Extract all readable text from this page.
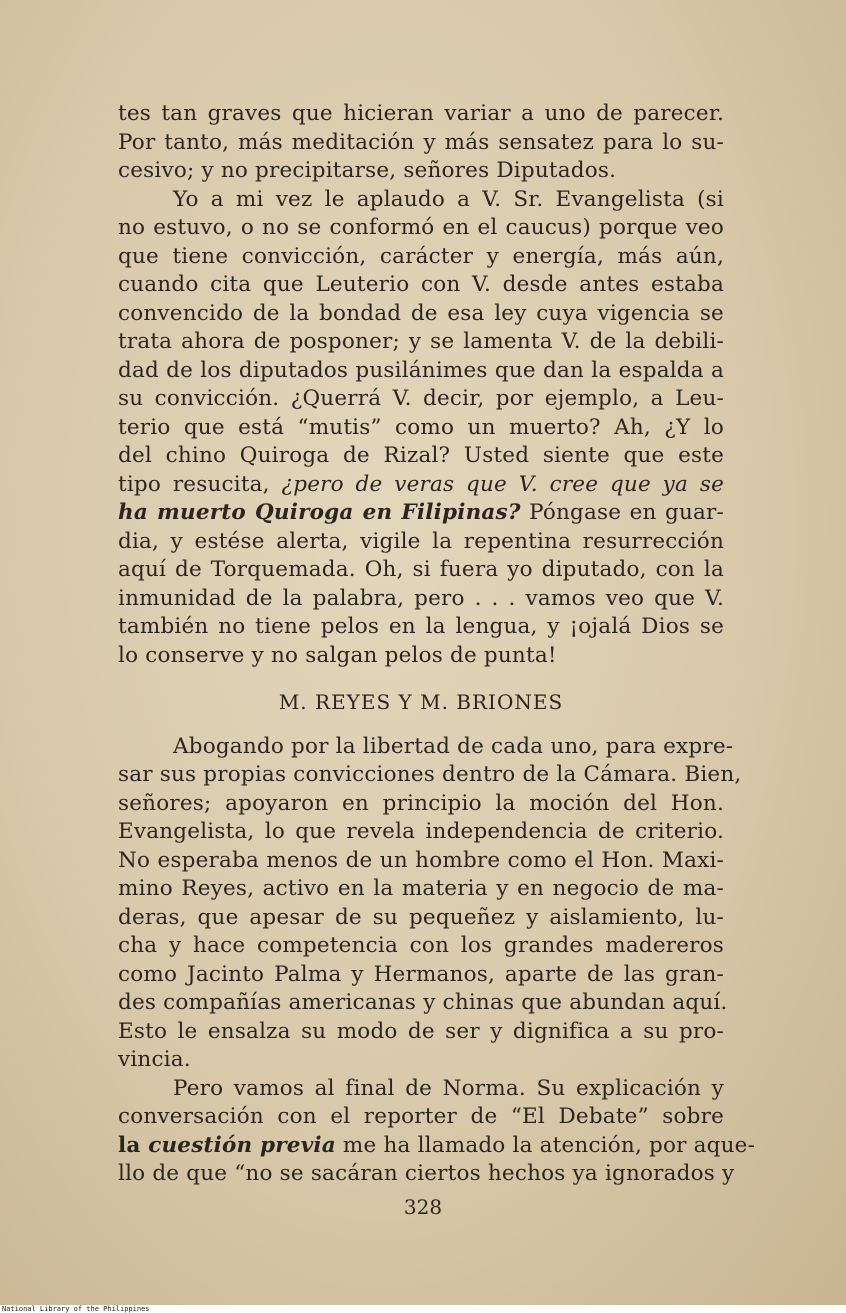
tes tan graves que hicieran variar a uno de parecer.
Por tanto, más meditación y más sensatez para lo su-
cesivo; y no precipitarse, señores Diputados.
Yo a mi vez le aplaudo a V. Sr. Evangelista (si
no estuvo, o no se conformó en el caucus) porque veo
que tiene convicción, carácter y energía, más aún,
cuando cita que Leuterio con V. desde antes estaba
convencido de la bondad de esa ley cuya vigencia se
trata ahora de posponer; y se lamenta V. de la debili-
dad de los diputados pusilánimes que dan la espalda a
su convicción. ¿Querrá V. decir, por ejemplo, a Leu-
terio que está “mutis” como un muerto? Ah, ¿Y lo
del chino Quiroga de Rizal? Usted siente que este
tipo resucita, ¿pero de veras que V. cree que ya se
ha muerto Quiroga en Filipinas? Póngase en guar-
dia, y estése alerta, vigile la repentina resurrección
aquí de Torquemada. Oh, si fuera yo diputado, con la
inmunidad de la palabra, pero . . . vamos veo que V.
también no tiene pelos en la lengua, y ¡ojalá Dios se
lo conserve y no salgan pelos de punta!
M. REYES Y M. BRIONES
Abogando por la libertad de cada uno, para expre-
sar sus propias convicciones dentro de la Cámara. Bien,
señores; apoyaron en principio la moción del Hon.
Evangelista, lo que revela independencia de criterio.
No esperaba menos de un hombre como el Hon. Maxi-
mino Reyes, activo en la materia y en negocio de ma-
deras, que apesar de su pequeñez y aislamiento, lu-
cha y hace competencia con los grandes madereros
como Jacinto Palma y Hermanos, aparte de las gran-
des compañías americanas y chinas que abundan aquí.
Esto le ensalza su modo de ser y dignifica a su pro-
vincia.
Pero vamos al final de Norma. Su explicación y
conversación con el reporter de “El Debate” sobre
la cuestión previa me ha llamado la atención, por aque-
llo de que “no se sacáran ciertos hechos ya ignorados y
328
National Library of the Philippines
